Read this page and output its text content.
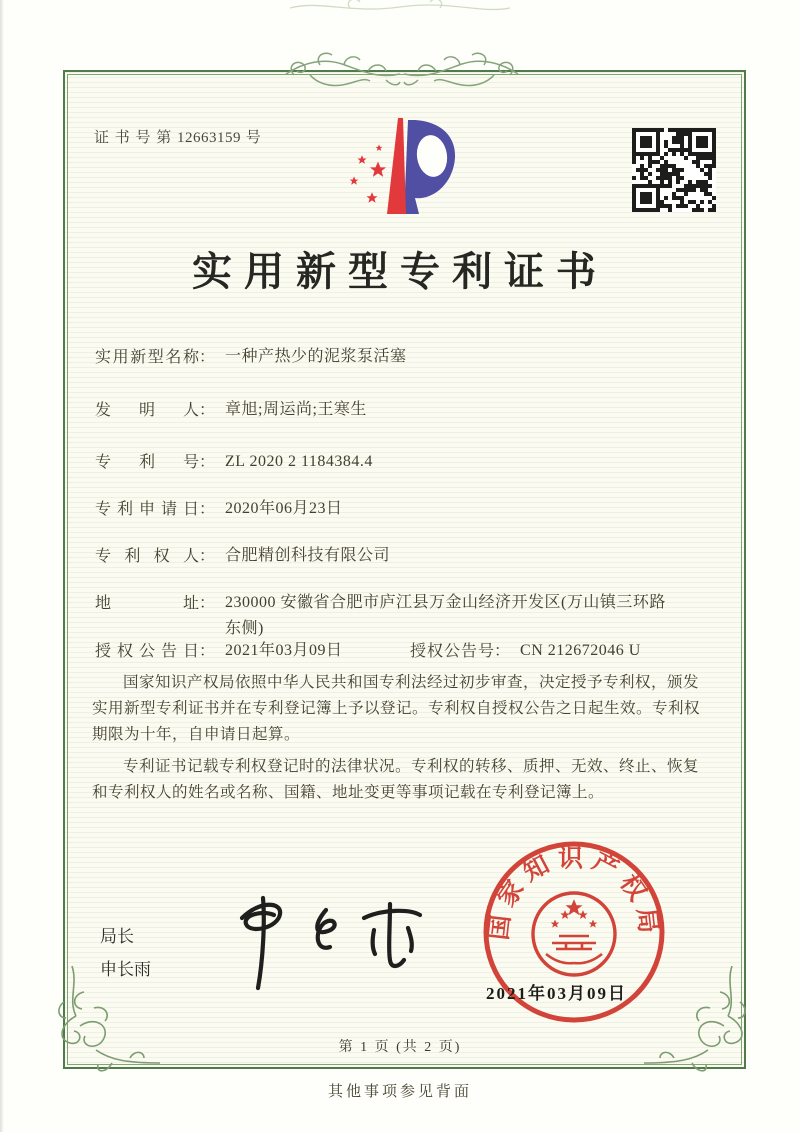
证 书 号 第 12663159 号
实用新型专利证书
实用新型名称： 一种产热少的泥浆泵活塞
发明人： 章旭;周运尚;王寒生
专利号： ZL 2020 2 1184384.4
专利申请日： 2020年06月23日
专利权人： 合肥精创科技有限公司
地址： 230000 安徽省合肥市庐江县万金山经济开发区(万山镇三环路东侧)
授权公告日： 2021年03月09日	授权公告号： CN 212672046 U

国家知识产权局依照中华人民共和国专利法经过初步审查，决定授予专利权，颁发实用新型专利证书并在专利登记簿上予以登记。专利权自授权公告之日起生效。专利权期限为十年，自申请日起算。

专利证书记载专利权登记时的法律状况。专利权的转移、质押、无效、终止、恢复和专利权人的姓名或名称、国籍、地址变更等事项记载在专利登记簿上。

局长
申长雨
国家知识产权局
2021年03月09日
第 1 页 (共 2 页)
其他事项参见背面
